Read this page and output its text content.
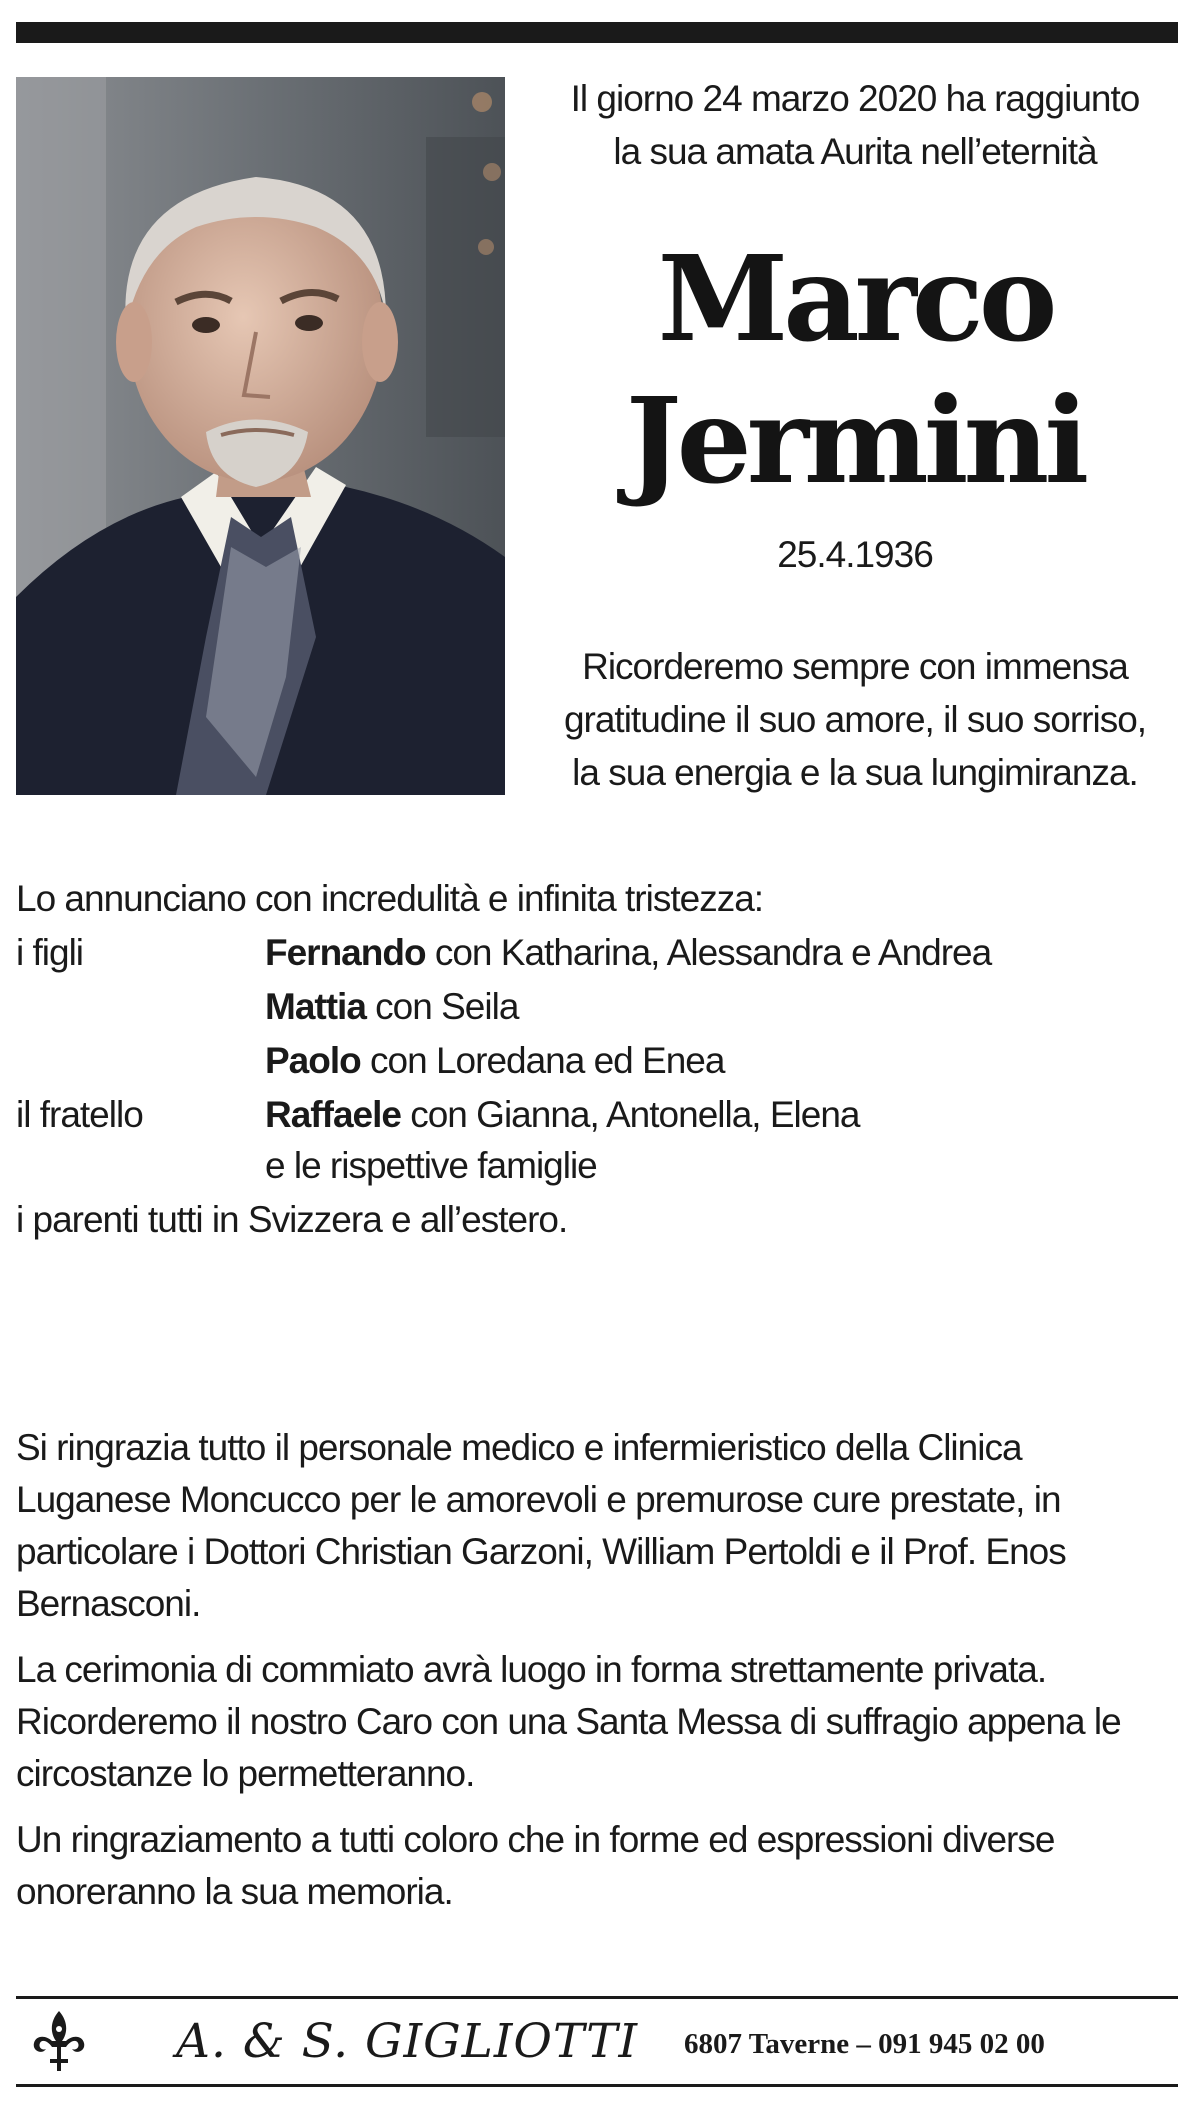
Il giorno 24 marzo 2020 ha raggiunto
la sua amata Aurita nell’eternità
Marco
Jermini
25.4.1936
Ricorderemo sempre con immensa
gratitudine il suo amore, il suo sorriso,
la sua energia e la sua lungimiranza.
Lo annunciano con incredulità e infinita tristezza:
i figli	Fernando con Katharina, Alessandra e Andrea
Mattia con Seila
Paolo con Loredana ed Enea
il fratello	Raffaele con Gianna, Antonella, Elena
e le rispettive famiglie
i parenti tutti in Svizzera e all’estero.

Si ringrazia tutto il personale medico e infermieristico della Clinica Luganese Moncucco per le amorevoli e premurose cure prestate, in particolare i Dottori Christian Garzoni, William Pertoldi e il Prof. Enos Bernasconi.

La cerimonia di commiato avrà luogo in forma strettamente privata. Ricorderemo il nostro Caro con una Santa Messa di suffragio appena le circostanze lo permetteranno.

Un ringraziamento a tutti coloro che in forme ed espressioni diverse onoreranno la sua memoria.

A. & S. GIGLIOTTI 6807 Taverne – 091 945 02 00
